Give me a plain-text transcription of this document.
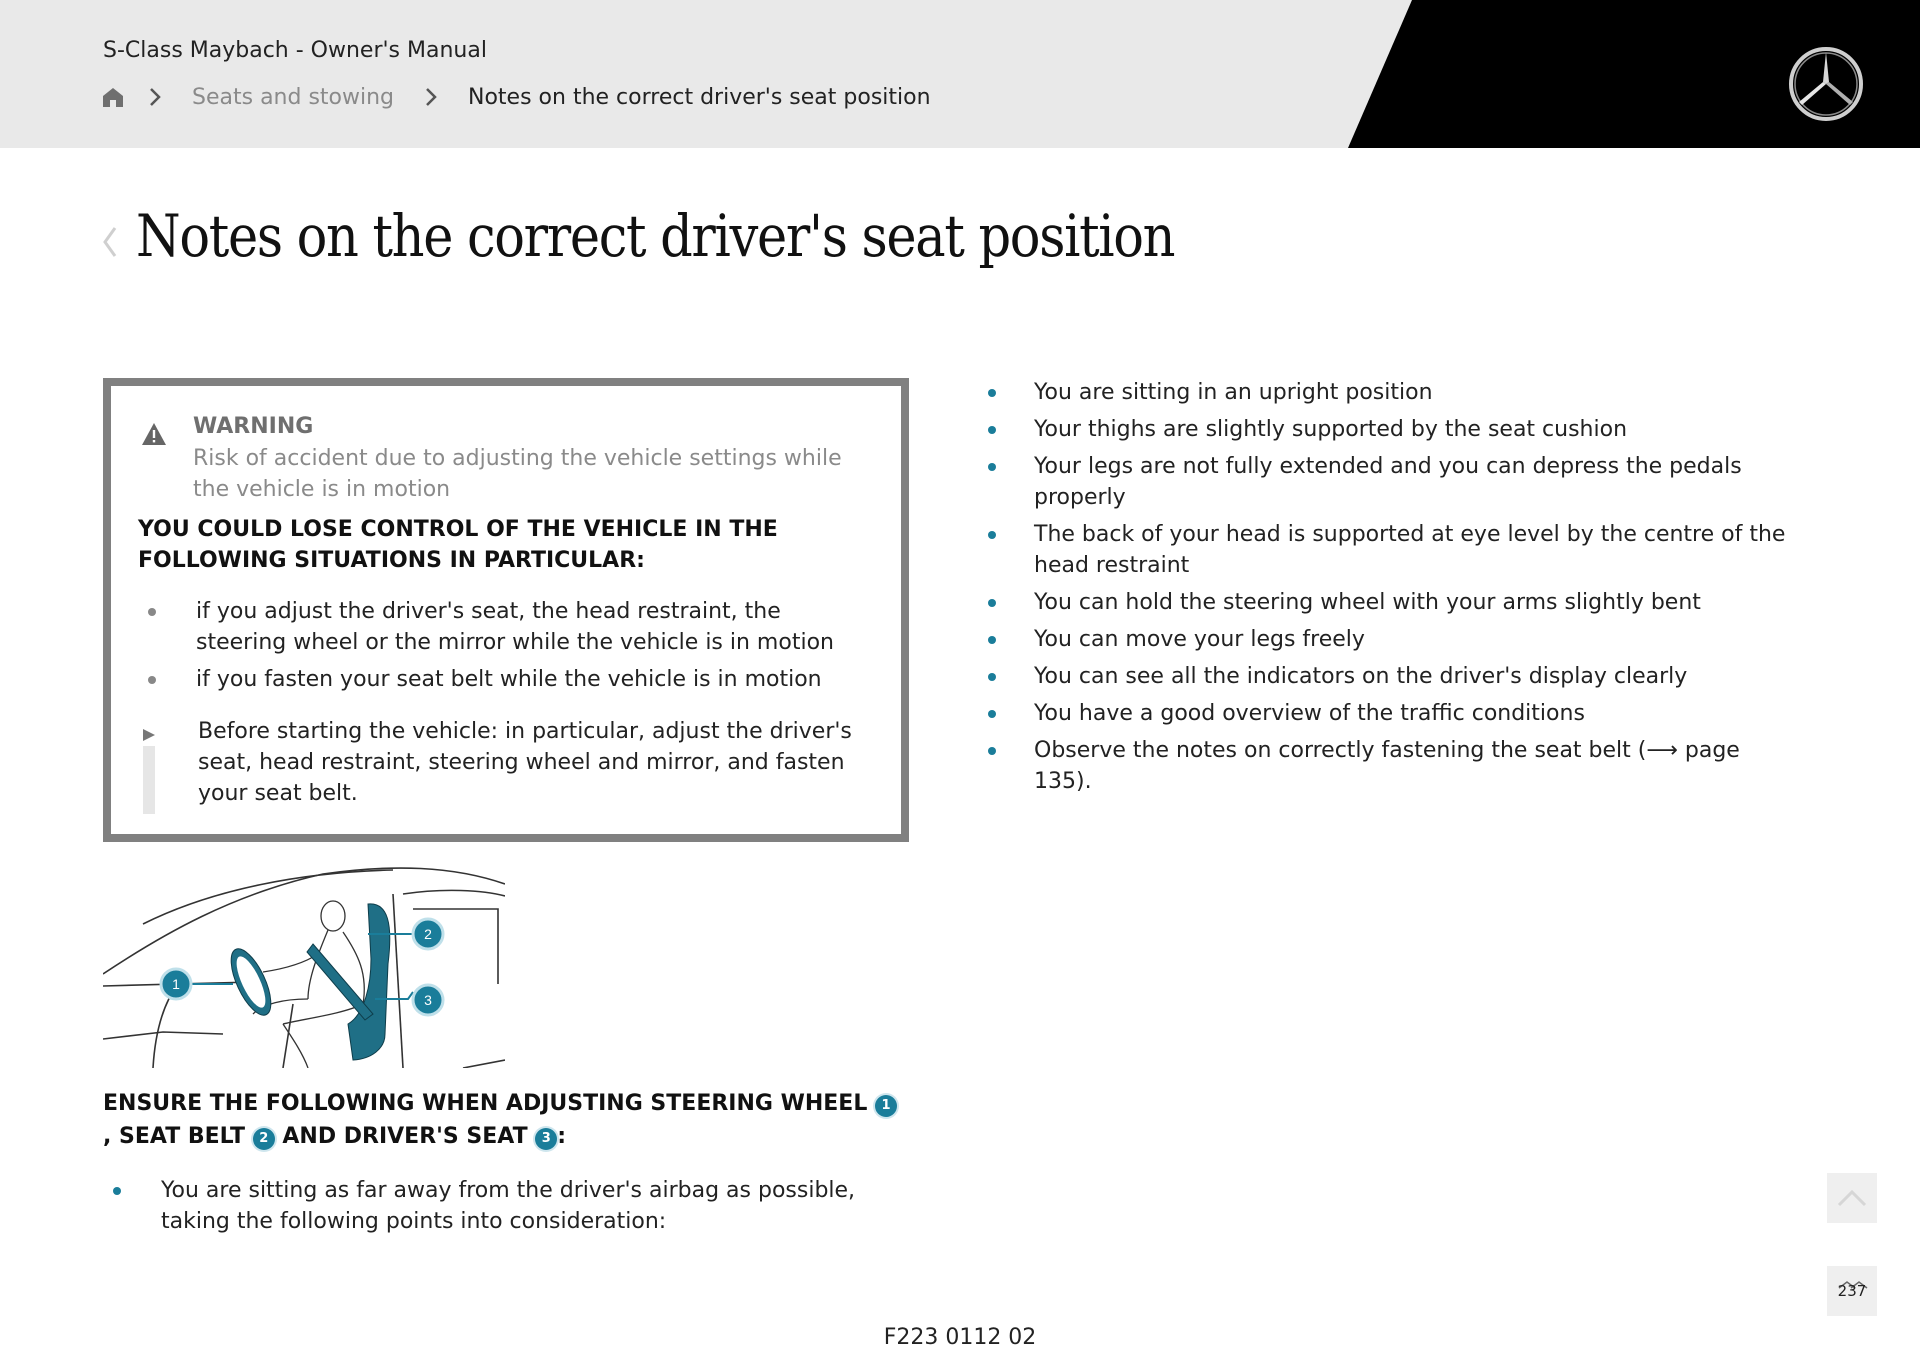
S-Class Maybach - Owner's Manual
Seats and stowing	Notes on the correct driver's seat position
Notes on the correct driver's seat position
WARNING
Risk of accident due to adjusting the vehicle settings while the vehicle is in motion
YOU COULD LOSE CONTROL OF THE VEHICLE IN THE FOLLOWING SITUATIONS IN PARTICULAR:
if you adjust the driver's seat, the head restraint, the steering wheel or the mirror while the vehicle is in motion
if you fasten your seat belt while the vehicle is in motion
Before starting the vehicle: in particular, adjust the driver's seat, head restraint, steering wheel and mirror, and fasten your seat belt.
1
2
3
ENSURE THE FOLLOWING WHEN ADJUSTING STEERING WHEEL 1, SEAT BELT 2 AND DRIVER'S SEAT 3 :
You are sitting as far away from the driver's airbag as possible, taking the following points into consideration:
You are sitting in an upright position
Your thighs are slightly supported by the seat cushion
Your legs are not fully extended and you can depress the pedals properly
The back of your head is supported at eye level by the centre of the head restraint
You can hold the steering wheel with your arms slightly bent
You can move your legs freely
You can see all the indicators on the driver's display clearly
You have a good overview of the traffic conditions
Observe the notes on correctly fastening the seat belt (⟶ page 135).
F223 0112 02
237
